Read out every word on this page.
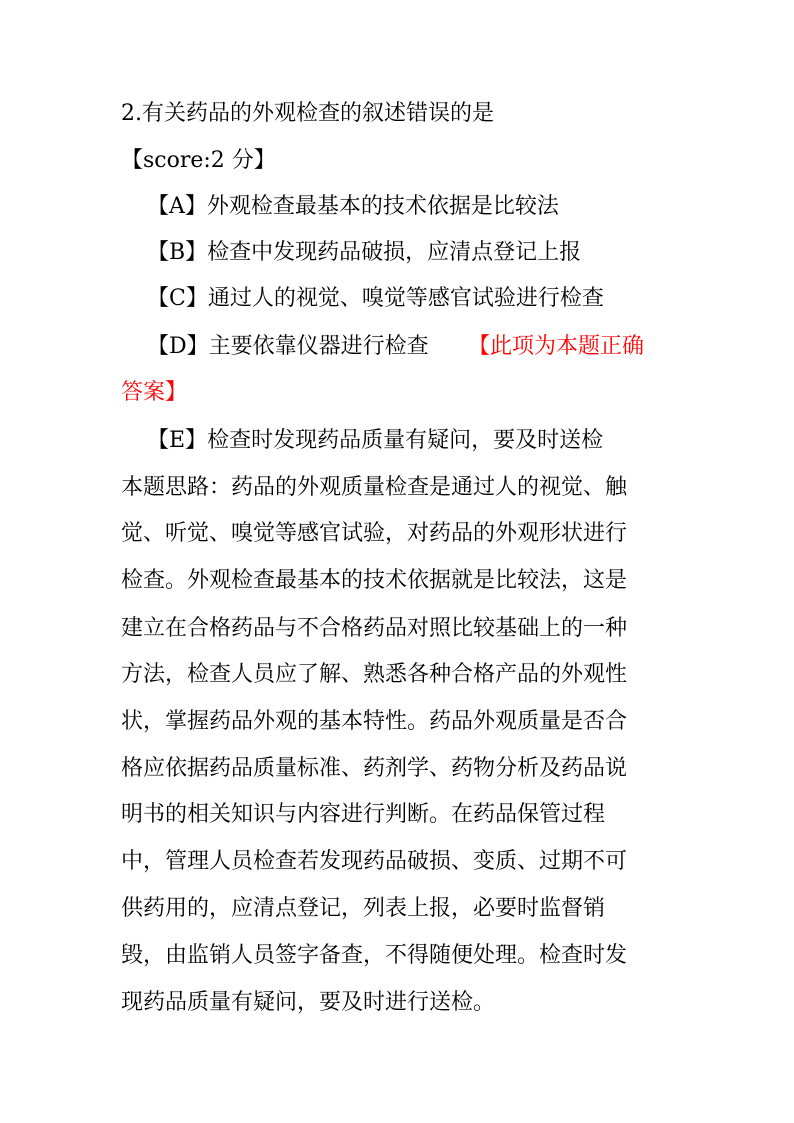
2.有关药品的外观检查的叙述错误的是
【score:2 分】
【A】外观检查最基本的技术依据是比较法
【B】检查中发现药品破损，应清点登记上报
【C】通过人的视觉、嗅觉等感官试验进行检查
【D】主要依靠仪器进行检查 【此项为本题正确
答案】
【E】检查时发现药品质量有疑问，要及时送检
本题思路：药品的外观质量检查是通过人的视觉、触
觉、听觉、嗅觉等感官试验，对药品的外观形状进行
检查。外观检查最基本的技术依据就是比较法，这是
建立在合格药品与不合格药品对照比较基础上的一种
方法，检查人员应了解、熟悉各种合格产品的外观性
状，掌握药品外观的基本特性。药品外观质量是否合
格应依据药品质量标准、药剂学、药物分析及药品说
明书的相关知识与内容进行判断。在药品保管过程
中，管理人员检查若发现药品破损、变质、过期不可
供药用的，应清点登记，列表上报，必要时监督销
毁，由监销人员签字备查，不得随便处理。检查时发
现药品质量有疑问，要及时进行送检。
